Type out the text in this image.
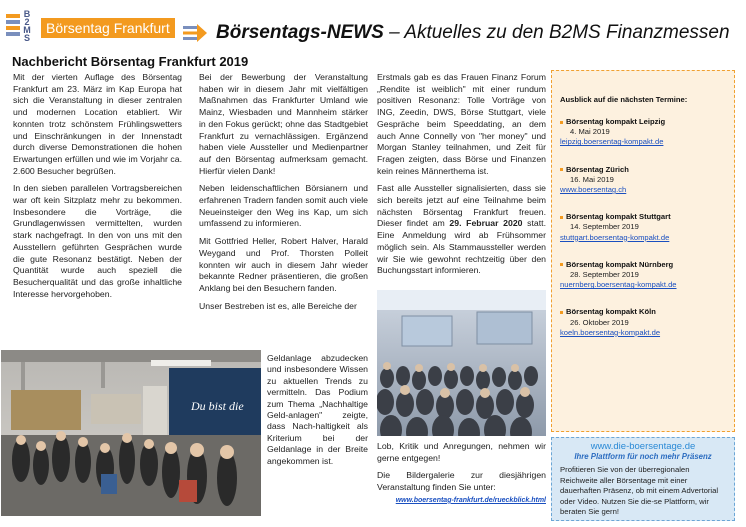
B
2
M
S
Börsentag Frankfurt Börsentags-NEWS – Aktuelles zu den B2MS Finanzmessen
Nachbericht Börsentag Frankfurt 2019

Mit der vierten Auflage des Börsentag Frankfurt am 23. März im Kap Europa hat sich die Veranstaltung in dieser zentralen und modernen Location etabliert. Wir konnten trotz schönstem Frühlingswetters und Einschränkungen in der Innenstadt durch diverse Demonstrationen die hohen Erwartungen erfüllen und wie im Vorjahr ca. 2.600 Besucher begrüßen.

In den sieben parallelen Vortragsbereichen war oft kein Sitzplatz mehr zu bekommen. Insbesondere die Vorträge, die Grundlagenwissen vermittelten, wurden stark nachgefragt. In den von uns mit den Ausstellern geführten Gesprächen wurde die gute Resonanz bestätigt. Neben der Quantität wurde auch speziell die Besucherqualität und das große inhaltliche Interesse hervorgehoben.

Du bist die

Bei der Bewerbung der Veranstaltung haben wir in diesem Jahr mit vielfältigen Maßnahmen das Frankfurter Umland wie Mainz, Wiesbaden und Mannheim stärker in den Fokus gerückt; ohne das Stadtgebiet Frankfurt zu vernachlässigen. Ergänzend haben viele Aussteller und Medienpartner auf den Börsentag aufmerksam gemacht. Hierfür vielen Dank!

Neben leidenschaftlichen Börsianern und erfahrenen Tradern fanden somit auch viele Neueinsteiger den Weg ins Kap, um sich umfassend zu informieren.

Mit Gottfried Heller, Robert Halver, Harald Weygand und Prof. Thorsten Polleit konnten wir auch in diesem Jahr wieder bekannte Redner präsentieren, die großen Anklang bei den Besuchern fanden.

Unser Bestreben ist es, alle Bereiche der

Geldanlage abzudecken und insbesondere Wissen zu aktuellen Trends zu vermitteln. Das Podium zum Thema „Nachhaltige Geld-anlagen" zeigte, dass Nach-haltigkeit als Kriterium bei der Geldanlage in der Breite angekommen ist.

Erstmals gab es das Frauen Finanz Forum „Rendite ist weiblich" mit einer rundum positiven Resonanz: Tolle Vorträge von ING, Zeedin, DWS, Börse Stuttgart, viele Gespräche beim Speeddating, an dem auch Anne Connelly von "her money" und Morgan Stanley teilnahmen, und Zeit für Fragen zeigten, dass Börse und Finanzen kein reines Männerthema ist.

Fast alle Aussteller signalisierten, dass sie sich bereits jetzt auf eine Teilnahme beim nächsten Börsentag Frankfurt freuen. Dieser findet am 29. Februar 2020 statt. Eine Anmeldung wird ab Frühsommer möglich sein. Als Stammaussteller werden wir Sie wie gewohnt rechtzeitig über den Buchungsstart informieren.

Lob, Kritik und Anregungen, nehmen wir gerne entgegen!

Die Bildergalerie zur diesjährigen Veranstaltung finden Sie unter:

www.boersentag-frankfurt.de/rueckblick.html
Ausblick auf die nächsten Termine:
Börsentag kompakt Leipzig
4. Mai 2019
leipzig.boersentag-kompakt.de
Börsentag Zürich
16. Mai 2019
www.boersentag.ch
Börsentag kompakt Stuttgart
14. September 2019
stuttgart.boersentag-kompakt.de
Börsentag kompakt Nürnberg
28. September 2019
nuernberg.boersentag-kompakt.de
Börsentag kompakt Köln
26. Oktober 2019
koeln.boersentag-kompakt.de
www.die-boersentage.de
Ihre Plattform für noch mehr Präsenz
Profitieren Sie von der überregionalen Reichweite aller Börsentage mit einer dauerhaften Präsenz, ob mit einem Advertorial oder Video. Nutzen Sie die-se Plattform, wir beraten Sie gern!
